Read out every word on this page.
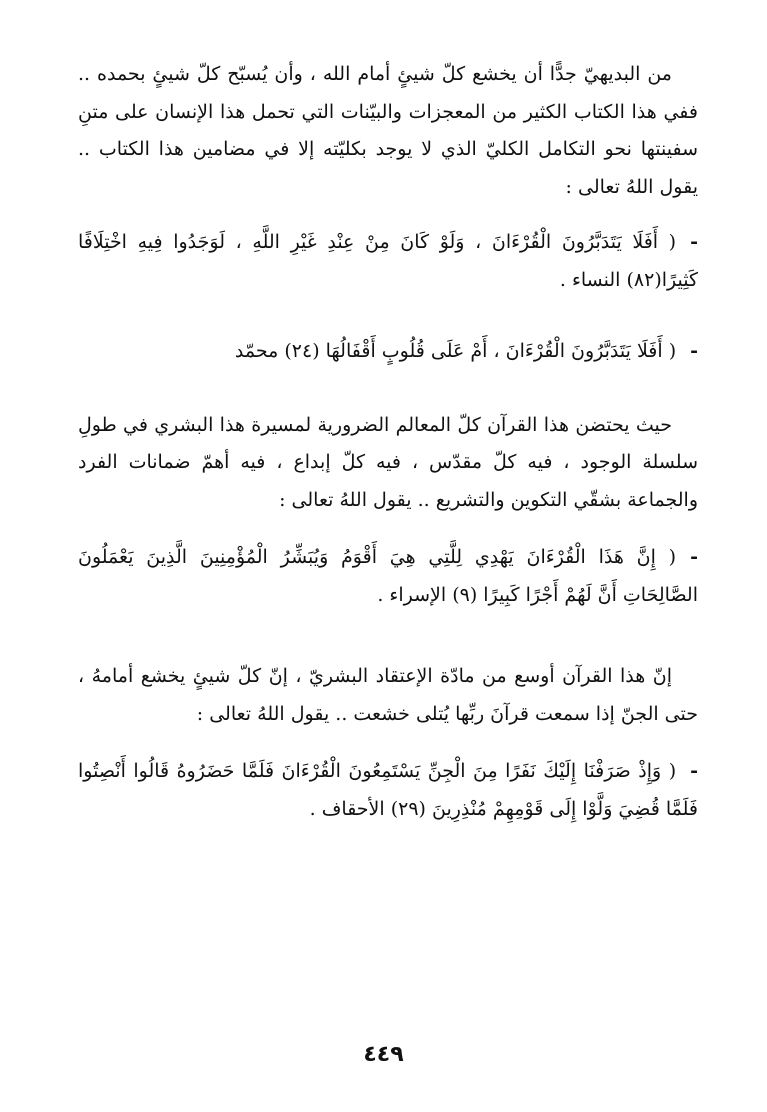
من البديهيّ جدًّا أن يخشع كلّ شيئٍ أمام الله ، وأن يُسبّح كلّ شيئٍ بحمده .. ففي هذا الكتاب الكثير من المعجزات والبيّنات التي تحمل هذا الإنسان على متنِ سفينتها نحو التكامل الكليّ الذي لا يوجد بكليّته إلا في مضامين هذا الكتاب .. يقول اللهُ تعالى :

-( أَفَلَا يَتَدَبَّرُونَ الْقُرْءَانَ ، وَلَوْ كَانَ مِنْ عِنْدِ غَيْرِ اللَّهِ ، لَوَجَدُوا فِيهِ اخْتِلَافًا كَثِيرًا(٨٢) النساء .

-( أَفَلَا يَتَدَبَّرُونَ الْقُرْءَانَ ، أَمْ عَلَى قُلُوبٍ أَقْفَالُهَا (٢٤) محمّد

حيث يحتضن هذا القرآن كلّ المعالم الضرورية لمسيرة هذا البشري في طولِ سلسلة الوجود ، فيه كلّ مقدّس ، فيه كلّ إبداع ، فيه أهمّ ضمانات الفرد والجماعة بشقّي التكوين والتشريع .. يقول اللهُ تعالى :

-( إِنَّ هَذَا الْقُرْءَانَ يَهْدِي لِلَّتِي هِيَ أَقْوَمُ وَيُبَشِّرُ الْمُؤْمِنِينَ الَّذِينَ يَعْمَلُونَ الصَّالِحَاتِ أَنَّ لَهُمْ أَجْرًا كَبِيرًا (٩) الإسراء .

إنّ هذا القرآن أوسع من مادّة الإعتقاد البشريّ ، إنّ كلّ شيئٍ يخشع أمامهُ ، حتى الجنّ إذا سمعت قرآنَ ربِّها يُتلى خشعت .. يقول اللهُ تعالى :

-( وَإِذْ صَرَفْنَا إِلَيْكَ نَفَرًا مِنَ الْجِنِّ يَسْتَمِعُونَ الْقُرْءَانَ فَلَمَّا حَضَرُوهُ قَالُوا أَنْصِتُوا فَلَمَّا قُضِيَ وَلَّوْا إِلَى قَوْمِهِمْ مُنْذِرِينَ (٢٩) الأحقاف .

٤٤٩
